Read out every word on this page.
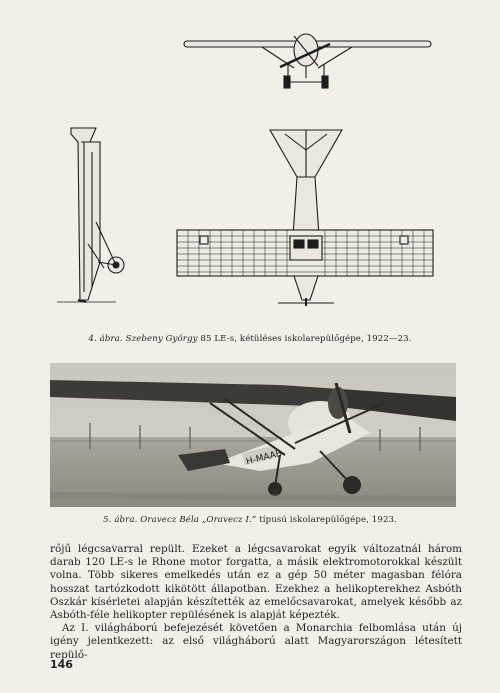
4. ábra. Szebeny György 85 LE-s, kétüléses iskolarepülőgépe, 1922—23.
H-MAAB
5. ábra. Oravecz Béla „Oravecz I.” típusú iskolarepülőgépe, 1923.

rőjű légcsavarral repült. Ezeket a légcsavarokat egyik változatnál három darab 120 LE-s le Rhone motor forgatta, a másik elektromotorokkal készült volna. Több sikeres emelkedés után ez a gép 50 méter magasban félóra hosszat tartózkodott kikötött állapotban. Ezekhez a helikopterekhez Asbóth Oszkár kísérletei alapján készítették az emelőcsavarokat, amelyek később az Asbóth-féle helikopter repülésének is alapját képezték.

Az I. világháború befejezését követően a Monarchia felbomlása után új igény jelentkezett: az első világháború alatt Magyarországon létesített repülő-

146
